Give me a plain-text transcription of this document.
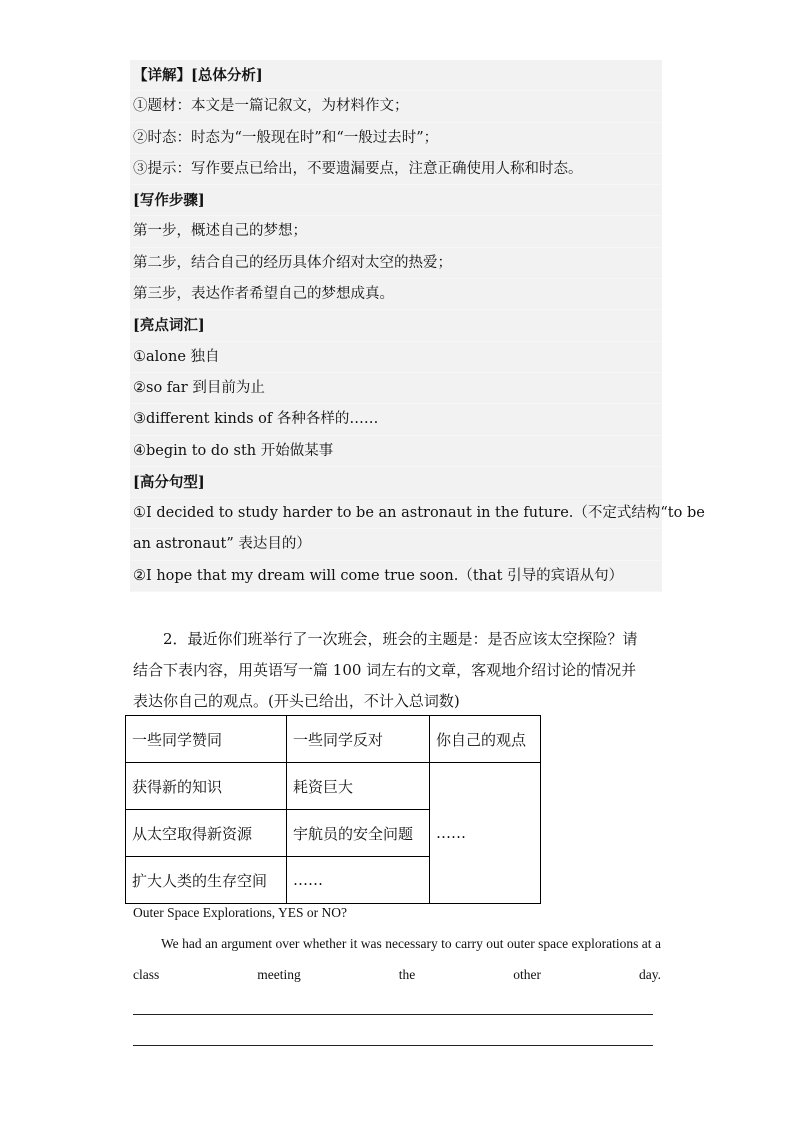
【详解】[总体分析]
①题材：本文是一篇记叙文，为材料作文；
②时态：时态为“一般现在时”和“一般过去时”；
③提示：写作要点已给出，不要遗漏要点，注意正确使用人称和时态。
[写作步骤]
第一步，概述自己的梦想；
第二步，结合自己的经历具体介绍对太空的热爱；
第三步，表达作者希望自己的梦想成真。
[亮点词汇]
①alone 独自
②so far 到目前为止
③different kinds of 各种各样的……
④begin to do sth 开始做某事
[高分句型]
①I decided to study harder to be an astronaut in the future.（不定式结构“to be
an astronaut” 表达目的）
②I hope that my dream will come true soon.（that 引导的宾语从句）

2．最近你们班举行了一次班会，班会的主题是：是否应该太空探险？请

结合下表内容，用英语写一篇 100 词左右的文章，客观地介绍讨论的情况并

表达你自己的观点。(开头已给出，不计入总词数)

一些同学赞同	一些同学反对	你自己的观点
获得新的知识	耗资巨大	……
从太空取得新资源	宇航员的安全问题	
扩大人类的生存空间	……	

Outer Space Explorations, YES or NO?

We had an argument over whether it was necessary to carry out outer space explorations at a class meeting the other day.
